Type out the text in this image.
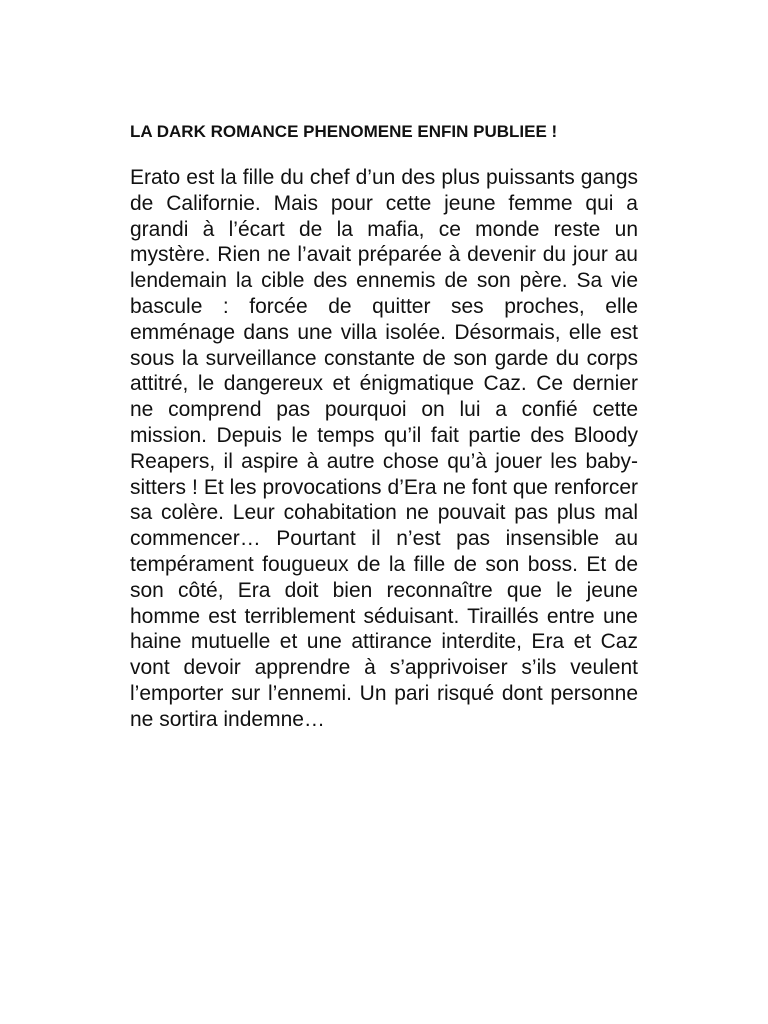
LA DARK ROMANCE PHENOMENE ENFIN PUBLIEE !

Erato est la fille du chef d’un des plus puissants gangs de Californie. Mais pour cette jeune femme qui a grandi à l’écart de la mafia, ce monde reste un mystère. Rien ne l’avait préparée à devenir du jour au lendemain la cible des ennemis de son père. Sa vie bascule : forcée de quitter ses proches, elle emménage dans une villa isolée. Désormais, elle est sous la surveillance constante de son garde du corps attitré, le dangereux et énigmatique Caz. Ce dernier ne comprend pas pourquoi on lui a confié cette mission. Depuis le temps qu’il fait partie des Bloody Reapers, il aspire à autre chose qu’à jouer les baby-sitters ! Et les provocations d’Era ne font que renforcer sa colère. Leur cohabitation ne pouvait pas plus mal commencer… Pourtant il n’est pas insensible au tempérament fougueux de la fille de son boss. Et de son côté, Era doit bien reconnaître que le jeune homme est terriblement séduisant. Tiraillés entre une haine mutuelle et une attirance interdite, Era et Caz vont devoir apprendre à s’apprivoiser s’ils veulent l’emporter sur l’ennemi. Un pari risqué dont personne ne sortira indemne…
